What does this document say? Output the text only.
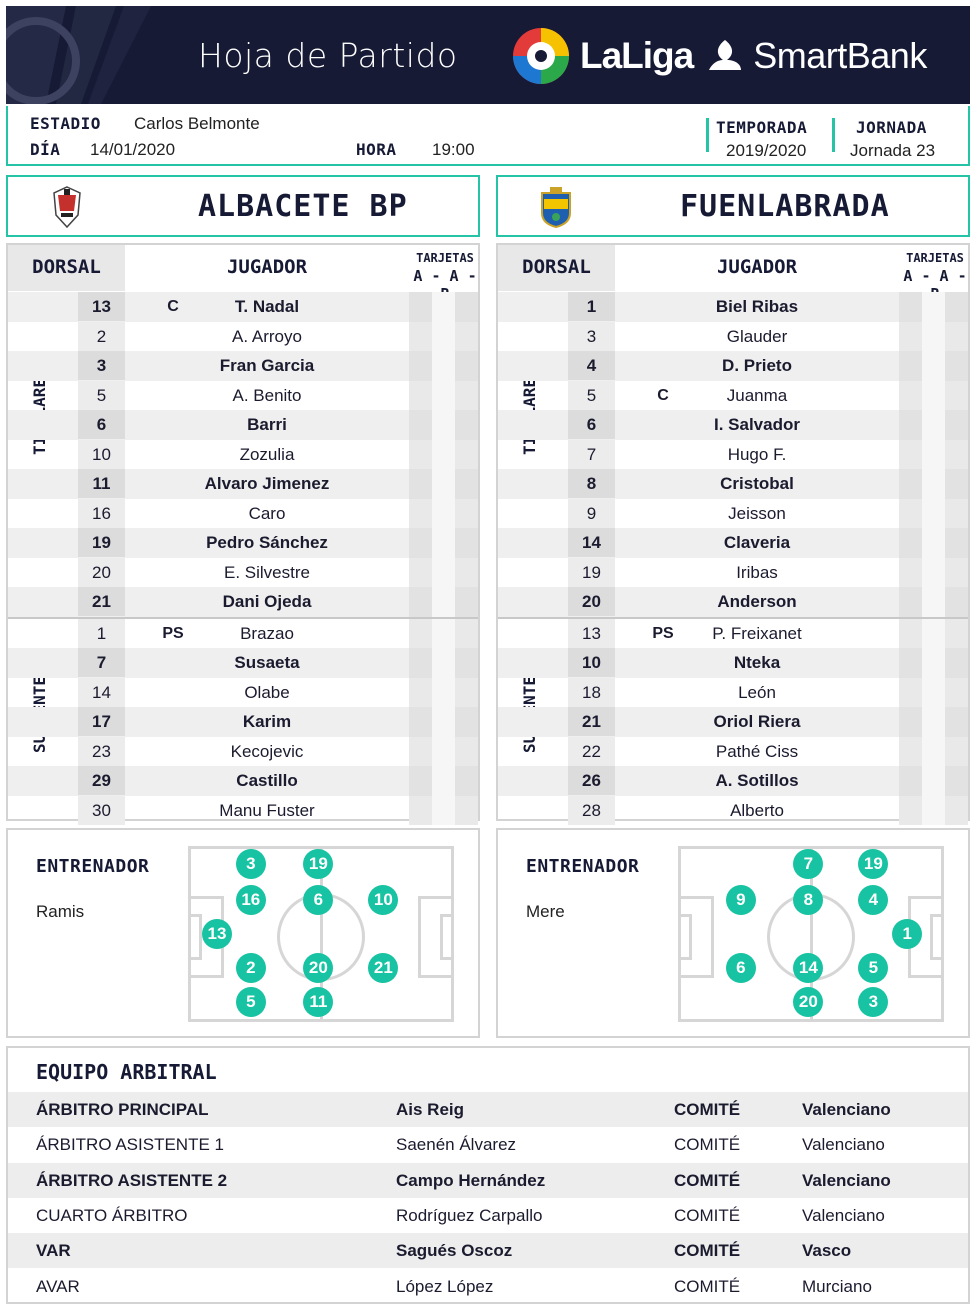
Hoja de Partido	LaLiga SmartBank
ESTADIO Carlos Belmonte
DÍA 14/01/2020	HORA 19:00
TEMPORADA
2019/2020
JORNADA
Jornada 23
ALBACETE BP	FUENLABRADA
DORSAL	JUGADOR	TARJETAS
A - A -
13	C	T. Nadal
2	A. Arroyo
3	Fran Garcia
5	A. Benito
6	Barri
10	Zozulia
11	Alvaro Jimenez
16	Caro
19	Pedro Sánchez
20	E. Silvestre
21	Dani Ojeda
1	PS	Brazao
7	Susaeta
14	Olabe
17	Karim
23	Kecojevic
29	Castillo
30	Manu Fuster
DORSAL	JUGADOR	TARJETAS
A - A -
1	Biel Ribas
3	Glauder
4	D. Prieto
5	C	Juanma
6	I. Salvador
7	Hugo F.
8	Cristobal
9	Jeisson
14	Claveria
19	Iribas
20	Anderson
13	PS	P. Freixanet
10	Nteka
18	León
21	Oriol Riera
22	Pathé Ciss
26	A. Sotillos
28	Alberto
ENTRENADOR
Ramis
3	19
16	6	10
13
2	20	21
5	11
ENTRENADOR
Mere
7	19
9	8	4
1
6	14	5
20	3
EQUIPO ARBITRAL
ÁRBITRO PRINCIPAL	Ais Reig	COMITÉ	Valenciano
ÁRBITRO ASISTENTE 1	Saenén Álvarez	COMITÉ	Valenciano
ÁRBITRO ASISTENTE 2	Campo Hernández	COMITÉ	Valenciano
CUARTO ÁRBITRO	Rodríguez Carpallo	COMITÉ	Valenciano
VAR	Sagués Oscoz	COMITÉ	Vasco
AVAR	López López	COMITÉ	Murciano
